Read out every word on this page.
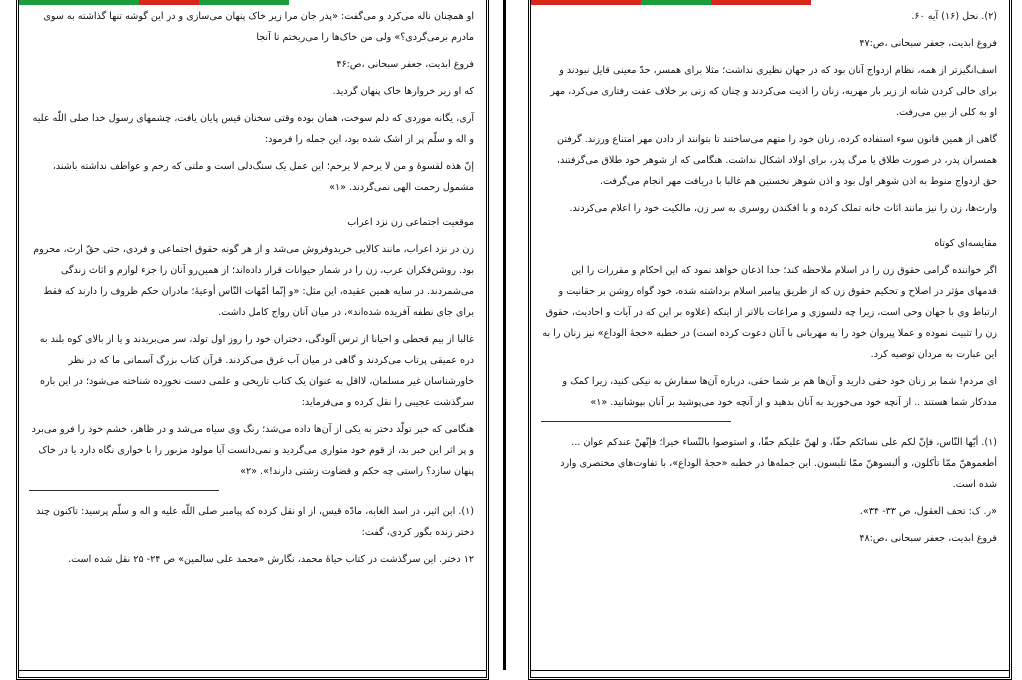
او همچنان ناله می‌کرد و می‌گفت: «پدر جان مرا زیر خاک پنهان می‌سازی و در این گوشه تنها گذاشته به سوی مادرم برمی‌گردی؟» ولی من خاک‌ها را می‌ریختم تا آنجا

فروغ ابدیت، جعفر سبحانی ،ص:۴۶

که او زیر خروارها خاک پنهان گردید.

آری، یگانه موردی که دلم سوخت، همان بوده وقتی سخنان قیس پایان یافت، چشمهای رسول خدا صلی اللّه علیه و اله و سلّم پر از اشک شده بود، این جمله را فرمود:

إنّ هذه لقسوهٔ و من لا یرحم لا یرحم؛ این عمل یک سنگ‌دلی است و ملتی که رحم و عواطف نداشته باشند، مشمول رحمت الهی نمی‌گردند. «۱»

موقعیت اجتماعی زن نزد اعراب

زن در نزد اعراب، مانند کالایی خریدوفروش می‌شد و از هر گونه حقوق اجتماعی و فردی، حتی حقّ ارث، محروم بود. روشن‌فکران عرب، زن را در شمار حیوانات قرار داده‌اند؛ از همین‌رو آنان را جزء لوازم و اثاث زندگی می‌شمردند. در سایه همین عقیده، این مثل: «و إنّما أمّهات النّاس أوعیهٔ؛ مادران حکم ظروف را دارند که فقط برای جای نطفه آفریده شده‌اند»، در میان آنان رواج کامل داشت.

غالبا از بیم قحطی و احیانا از ترس آلودگی، دختران خود را روز اول تولد، سر می‌بریدند و یا از بالای کوه بلند به دره عمیقی پرتاب می‌کردند و گاهی در میان آب غرق می‌کردند. قرآن کتاب بزرگ آسمانی ما که در نظر خاورشناسان غیر مسلمان، لااقل به عنوان یک کتاب تاریخی و علمی دست نخورده شناخته می‌شود؛ در این باره سرگذشت عجیبی را نقل کرده و می‌فرماید:

هنگامی که خبر تولّد دختر به یکی از آن‌ها داده می‌شد؛ رنگ وی سیاه می‌شد و در ظاهر، خشم خود را فرو می‌برد و پر اثر این خبر بد، از قوم خود متواری می‌گردید و نمی‌دانست آیا مولود مزبور را با خواری نگاه دارد یا در خاک پنهان سازد؟ راستی چه حکم و قضاوت زشتی دارند!». «۲»

(۱). ابن اثیر، در اسد الغابه، مادّه قیس، از او نقل کرده که پیامبر صلی اللّه علیه و اله و سلّم پرسید: تاکنون چند دختر زنده بگور کردی، گفت:

۱۲ دختر. این سرگذشت در کتاب حیاهٔ محمد، نگارش «محمد علی سالمین» ص ۲۴- ۲۵ نقل شده است.

(۲). نحل (۱۶) آیه ۶۰.

فروغ ابدیت، جعفر سبحانی ،ص:۴۷

اسف‌انگیزتر از همه، نظام ازدواج آنان بود که در جهان نظیری نداشت؛ مثلا برای همسر، حدّ معینی قایل نبودند و برای خالی کردن شانه از زیر بار مهریه، زنان را اذیت می‌کردند و چنان که زنی بر خلاف عفت رفتاری می‌کرد، مهر او به کلی از بین می‌رفت.

گاهی از همین قانون سوء استفاده کرده، زنان خود را متهم می‌ساختند تا بتوانند از دادن مهر امتناع ورزند. گرفتن همسران پدر، در صورت طلاق یا مرگ پدر، برای اولاد اشکال نداشت. هنگامی که از شوهر خود طلاق می‌گرفتند، حق ازدواج منوط به اذن شوهر اول بود و اذن شوهر نخستین هم غالبا با دریافت مهر انجام می‌گرفت.

وارث‌ها، زن را نیز مانند اثاث خانه تملک کرده و با افکندن روسری به سر زن، مالکیت خود را اعلام می‌کردند.

مقایسه‌ای کوتاه

اگر خواننده گرامی حقوق زن را در اسلام ملاحظه کند؛ جدا اذعان خواهد نمود که این احکام و مقررات را این قدمهای مؤثر در اصلاح و تحکیم حقوق زن که از طریق پیامبر اسلام برداشته شده، خود گواه روشن بر حقانیت و ارتباط وی با جهان وحی است، زیرا چه دلسوزی و مراعات بالاتر از اینکه (علاوه بر این که در آیات و احادیث، حقوق زن را تثبیت نموده و عملا پیروان خود را به مهربانی با آنان دعوت کرده است) در خطبه «حجهٔ الوداع» نیز زنان را به این عبارت به مردان توصیه کرد.

ای مردم! شما بر زنان خود حقی دارید و آن‌ها هم بر شما حقی، درباره آن‌ها سفارش به نیکی کنید، زیرا کمک و مددکار شما هستند .. از آنچه خود می‌خورید به آنان بدهید و از آنچه خود می‌پوشید بر آنان بپوشانید. «۱»

(۱). أیّها النّاس، فإنّ لکم علی نسائکم حقّا، و لهنّ علیکم حقّا، و استوصوا بالنّساء خیرا؛ فإنّهنّ عندکم عوان ... أطعموهنّ ممّا تأکلون، و ألبسوهنّ ممّا تلبسون. این جمله‌ها در خطبه «حجهٔ الوداع»، با تفاوت‌های مختصری وارد شده است.

«ر. ک: تحف العقول، ص ۳۳- ۳۴».

فروغ ابدیت، جعفر سبحانی ،ص:۴۸
